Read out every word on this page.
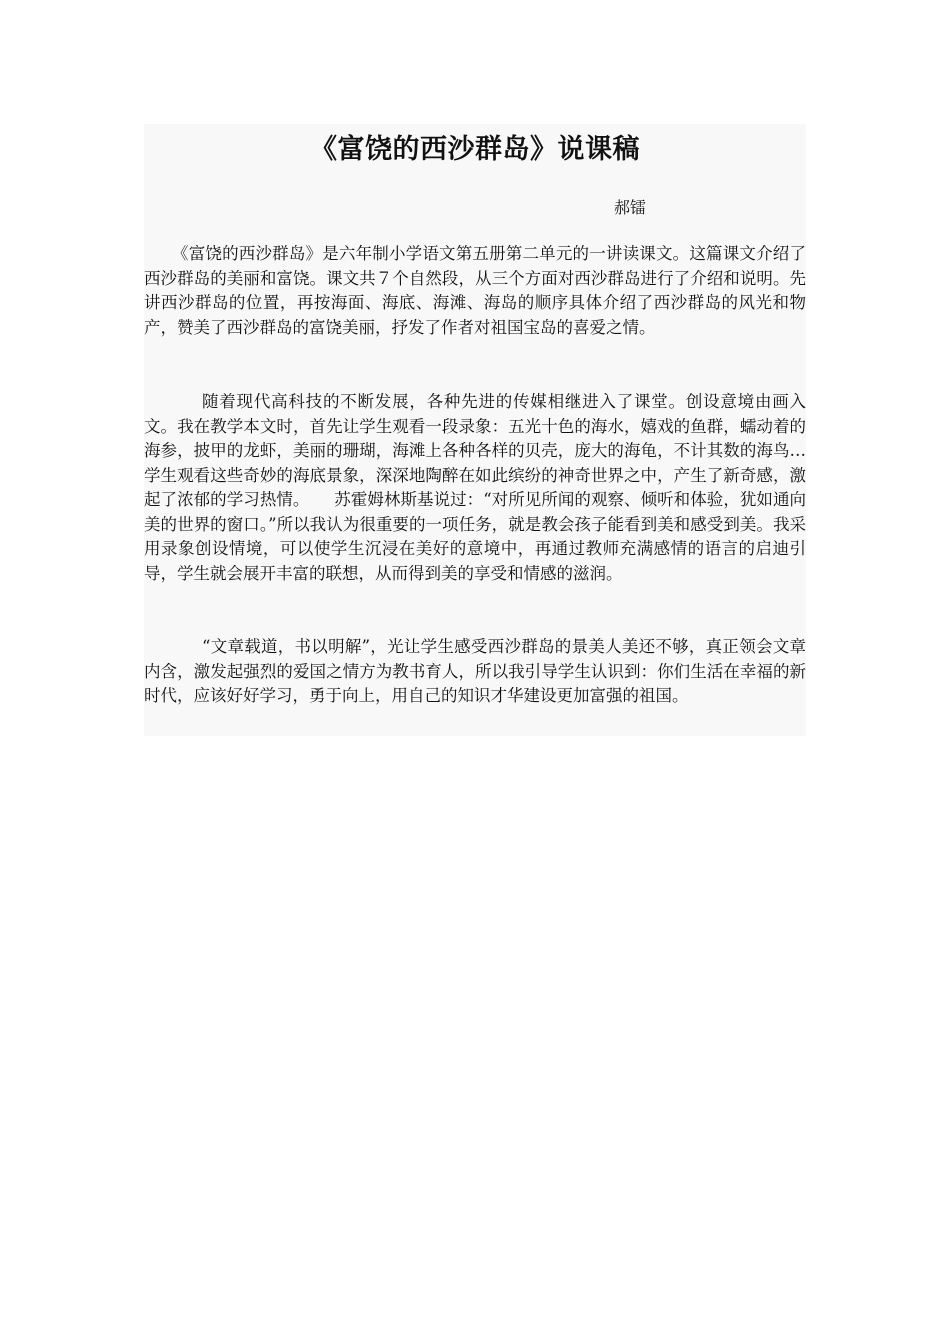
《富饶的西沙群岛》说课稿
郝镭

《富饶的西沙群岛》是六年制小学语文第五册第二单元的一讲读课文。这篇课文介绍了西沙群岛的美丽和富饶。课文共７个自然段，从三个方面对西沙群岛进行了介绍和说明。先讲西沙群岛的位置，再按海面、海底、海滩、海岛的顺序具体介绍了西沙群岛的风光和物产，赞美了西沙群岛的富饶美丽，抒发了作者对祖国宝岛的喜爱之情。

随着现代高科技的不断发展，各种先进的传媒相继进入了课堂。创设意境由画入文。我在教学本文时，首先让学生观看一段录象：五光十色的海水，嬉戏的鱼群，蠕动着的海参，披甲的龙虾，美丽的珊瑚，海滩上各种各样的贝壳，庞大的海龟，不计其数的海鸟…学生观看这些奇妙的海底景象，深深地陶醉在如此缤纷的神奇世界之中，产生了新奇感，激起了浓郁的学习热情。　　苏霍姆林斯基说过：“对所见所闻的观察、倾听和体验，犹如通向美的世界的窗口。”所以我认为很重要的一项任务，就是教会孩子能看到美和感受到美。我采用录象创设情境，可以使学生沉浸在美好的意境中，再通过教师充满感情的语言的启迪引导，学生就会展开丰富的联想，从而得到美的享受和情感的滋润。

“文章载道，书以明解”，光让学生感受西沙群岛的景美人美还不够，真正领会文章内含，激发起强烈的爱国之情方为教书育人，所以我引导学生认识到：你们生活在幸福的新时代，应该好好学习，勇于向上，用自己的知识才华建设更加富强的祖国。
